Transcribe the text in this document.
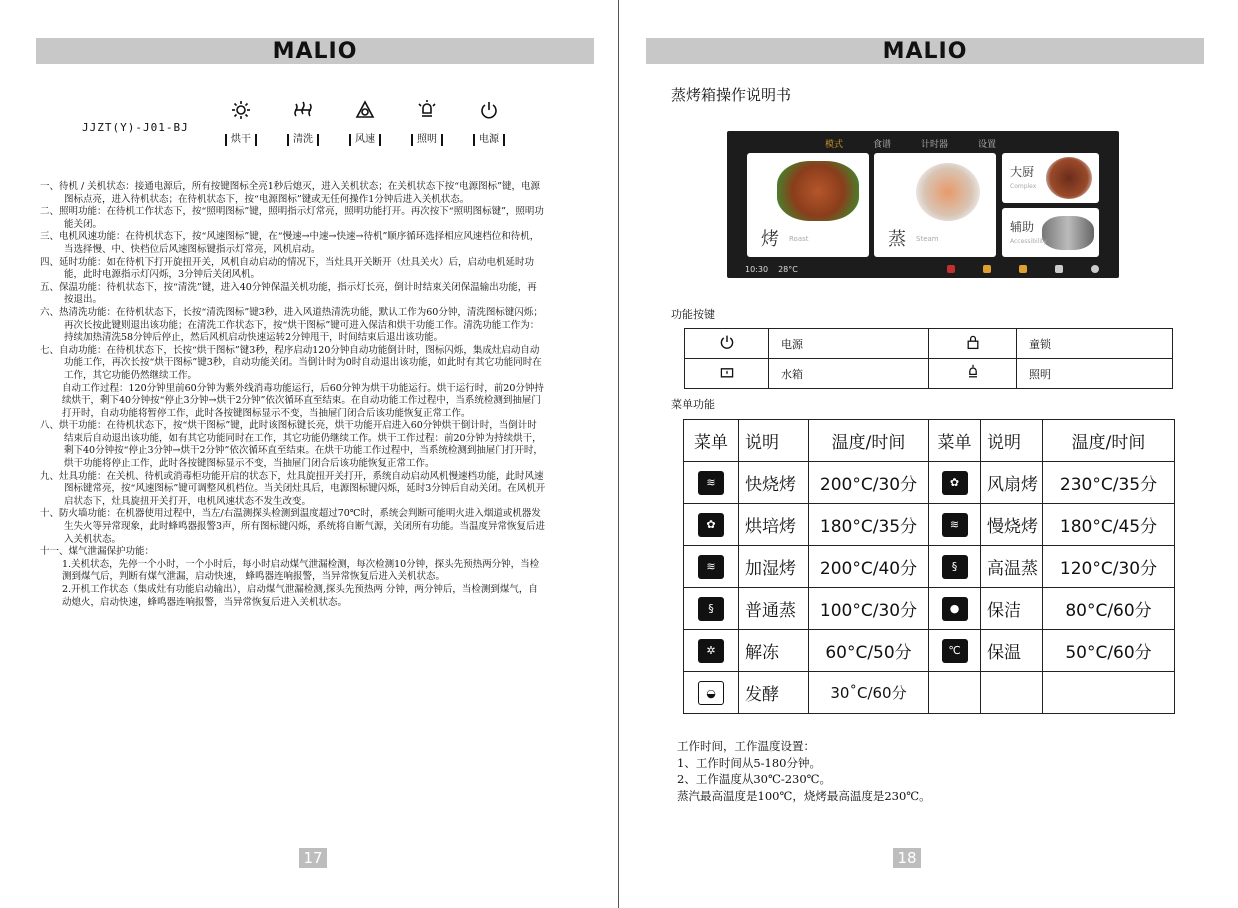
MALIO
JJZT(Y)-J01-BJ
烘干	清洗	风速	照明	电源

一、待机 / 关机状态：接通电源后，所有按键图标全亮1秒后熄灭，进入关机状态；在关机状态下按“电源图标”键，电源图标点亮，进入待机状态；在待机状态下，按“电源图标”键或无任何操作1分钟后进入关机状态。

二、照明功能：在待机工作状态下，按“照明图标”键，照明指示灯常亮，照明功能打开。再次按下“照明图标键”，照明功能关闭。

三、电机风速功能：在待机状态下，按“风速图标”键，在“慢速→中速→快速→待机”顺序循环选择相应风速档位和待机，当选择慢、中、快档位后风速图标键指示灯常亮，风机启动。

四、延时功能：如在待机下打开旋扭开关，风机自动启动的情况下，当灶具开关断开（灶具关火）后，启动电机延时功能，此时电源指示灯闪烁，3分钟后关闭风机。

五、保温功能：待机状态下，按“清洗”键，进入40分钟保温关机功能，指示灯长亮，倒计时结束关闭保温输出功能，再按退出。

六、热清洗功能：在待机状态下，长按“清洗图标”键3秒，进入风道热清洗功能，默认工作为60分钟，清洗图标键闪烁；再次长按此键则退出该功能；在清洗工作状态下，按“烘干图标”键可进入保洁和烘干功能工作。清洗功能工作为：持续加热清洗58分钟后停止，然后风机启动快速运转2分钟甩干，时间结束后退出该功能。

七、自动功能：在待机状态下，长按“烘干图标”键3秒，程序启动120分钟自动功能倒计时，图标闪烁，集成灶启动自动功能工作，再次长按“烘干图标”键3秒，自动功能关闭。当倒计时为0时自动退出该功能，如此时有其它功能同时在工作，其它功能仍然继续工作。

自动工作过程：120分钟里前60分钟为紫外线消毒功能运行，后60分钟为烘干功能运行。烘干运行时，前20分钟持续烘干，剩下40分钟按“停止3分钟→烘干2分钟”依次循环直至结束。在自动功能工作过程中，当系统检测到抽屉门打开时，自动功能将暂停工作，此时各按键图标显示不变，当抽屉门闭合后该功能恢复正常工作。

八、烘干功能：在待机状态下，按“烘干图标”键，此时该图标键长亮，烘干功能开启进入60分钟烘干倒计时，当倒计时结束后自动退出该功能，如有其它功能同时在工作，其它功能仍继续工作。烘干工作过程：前20分钟为持续烘干，剩下40分钟按“停止3分钟→烘干2分钟”依次循环直至结束。在烘干功能工作过程中，当系统检测到抽屉门打开时，烘干功能将停止工作，此时各按键图标显示不变，当抽屉门闭合后该功能恢复正常工作。

九、灶具功能：在关机、待机或消毒柜功能开启的状态下，灶具旋扭开关打开，系统自动启动风机慢速档功能，此时风速图标键常亮，按“风速图标”键可调整风机档位。当关闭灶具后，电源图标键闪烁，延时3分钟后自动关闭。在风机开启状态下，灶具旋扭开关打开，电机风速状态不发生改变。

十、防火墙功能：在机器使用过程中，当左/右温测探头检测到温度超过70℃时，系统会判断可能明火进入烟道或机器发生失火等异常现象，此时蜂鸣器报警3声，所有图标键闪烁，系统将自断气源，关闭所有功能。当温度异常恢复后进入关机状态。

十一、煤气泄漏保护功能：

1.关机状态，先停一个小时，一个小时后，每小时启动煤气泄漏检测，每次检测10分钟，探头先预热两分钟，当检测到煤气后，判断有煤气泄漏，启动快速， 蜂鸣器连响报警，当异常恢复后进入关机状态。

2.开机工作状态（集成灶有功能启动输出），启动煤气泄漏检测,探头先预热两 分钟，两分钟后，当检测到煤气，自动熄火，启动快速，蜂鸣器连响报警，当异常恢复后进入关机状态。

17
MALIO
蒸烤箱操作说明书
模式	食谱	计时器	设置
烤 Roast	蒸 Steam
大厨
Complex
辅助
Accessibility
10:30 28°C
功能按键
	电源		童锁
	水箱		照明
菜单功能
菜单	说明	温度/时间	菜单	说明	温度/时间
≋	快烧烤	200°C/30分	✿	风扇烤	230°C/35分
✿	烘培烤	180°C/35分	≋	慢烧烤	180°C/45分
≋	加湿烤	200°C/40分	§	高温蒸	120°C/30分
§	普通蒸	100°C/30分	●	保洁	80°C/60分
✲	解冻	60°C/50分	℃	保温	50°C/60分
◒	发酵	30˚C/60分			
工作时间，工作温度设置：
1、工作时间从5-180分钟。
2、工作温度从30℃-230℃。
蒸汽最高温度是100℃，烧烤最高温度是230℃。
18
